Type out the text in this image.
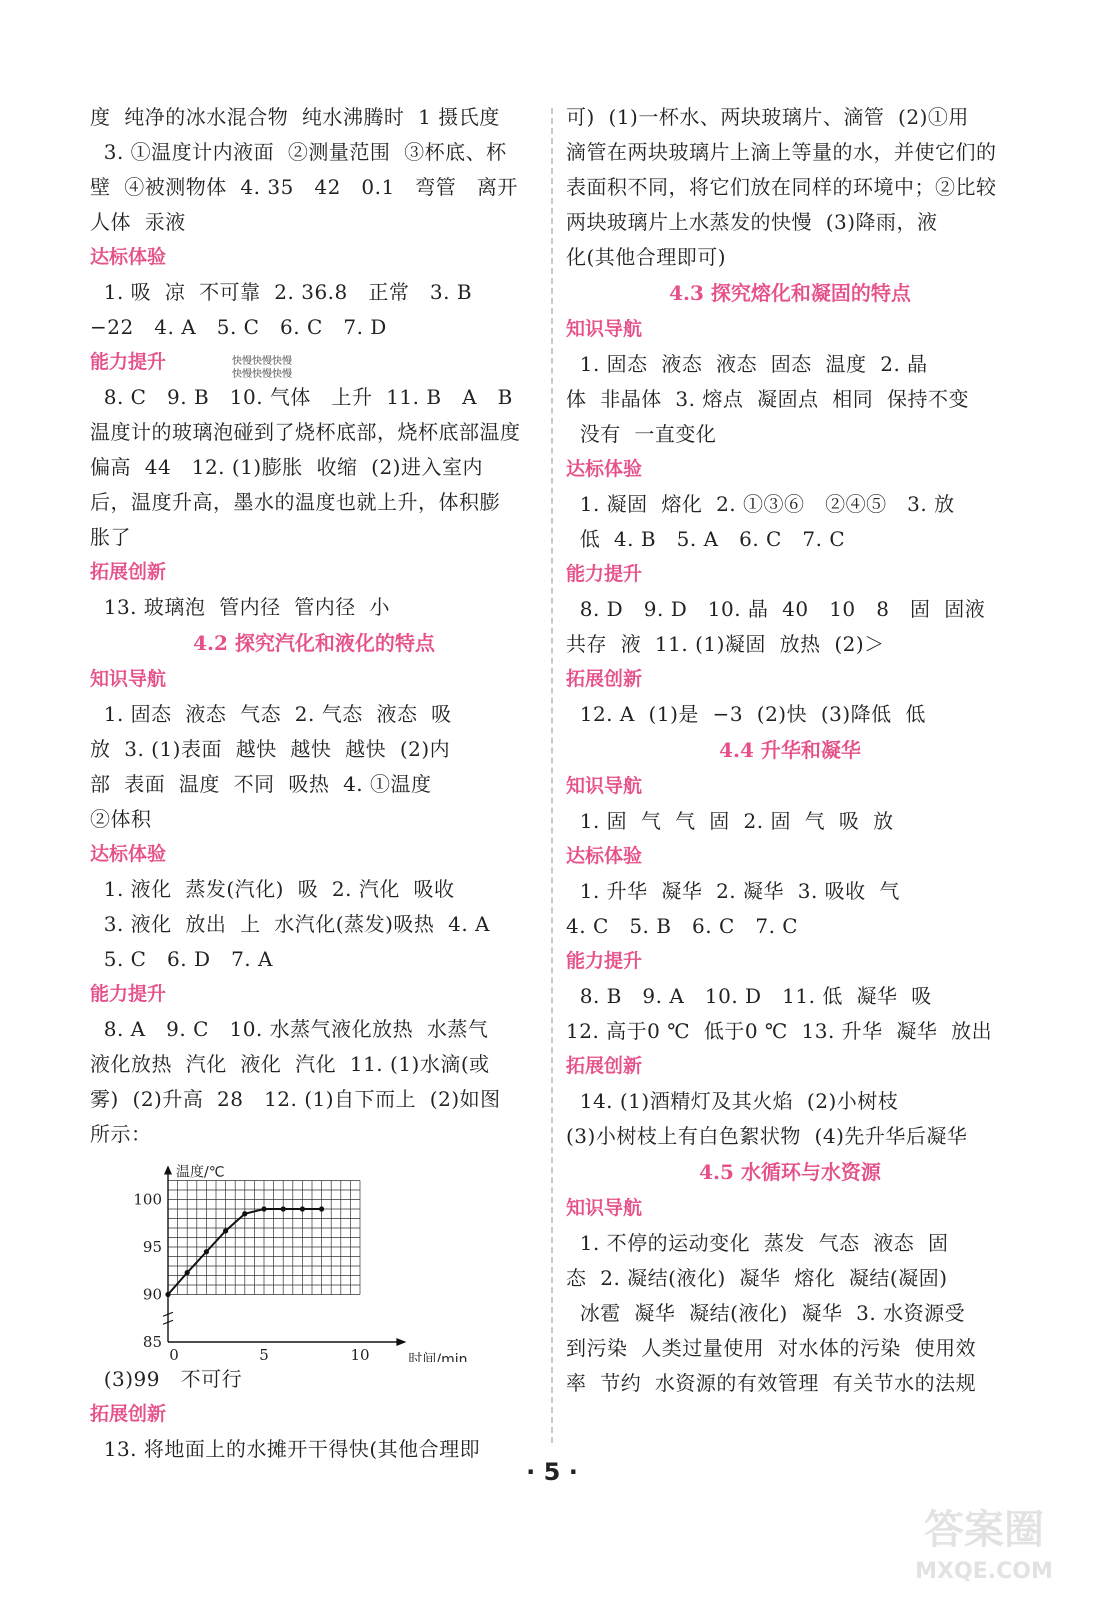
度  纯净的冰水混合物  纯水沸腾时  1 摄氏度
3. ①温度计内液面  ②测量范围  ③杯底、杯
壁  ④被测物体  4. 35   42   0.1   弯管   离开
人体  汞液
达标体验
1. 吸  凉  不可靠  2. 36.8   正常   3. B
−22   4. A   5. C   6. C   7. D
能力提升
8. C   9. B   10. 气体   上升  11. B   A   B
温度计的玻璃泡碰到了烧杯底部，烧杯底部温度
偏高  44   12. (1)膨胀  收缩  (2)进入室内
后，温度升高，墨水的温度也就上升，体积膨
胀了
拓展创新
13. 玻璃泡  管内径  管内径  小
4.2 探究汽化和液化的特点
知识导航
1. 固态  液态  气态  2. 气态  液态  吸
放  3. (1)表面  越快  越快  越快  (2)内
部  表面  温度  不同  吸热  4. ①温度
②体积
达标体验
1. 液化  蒸发(汽化)  吸  2. 汽化  吸收
3. 液化  放出  上  水汽化(蒸发)吸热  4. A
5. C   6. D   7. A
能力提升
8. A   9. C   10. 水蒸气液化放热  水蒸气
液化放热  汽化  液化  汽化  11. (1)水滴(或
雾)  (2)升高  28   12. (1)自下而上  (2)如图
所示：
85
90
95
100
0	5	10
温度/℃
时间/min
(3)99   不可行
拓展创新
13. 将地面上的水摊开干得快(其他合理即
快慢快慢快慢
快慢快慢快慢
可)  (1)一杯水、两块玻璃片、滴管  (2)①用
滴管在两块玻璃片上滴上等量的水，并使它们的
表面积不同，将它们放在同样的环境中；②比较
两块玻璃片上水蒸发的快慢  (3)降雨，液
化(其他合理即可)
4.3 探究熔化和凝固的特点
知识导航
1. 固态  液态  液态  固态  温度  2. 晶
体  非晶体  3. 熔点  凝固点  相同  保持不变
没有  一直变化
达标体验
1. 凝固  熔化  2. ①③⑥   ②④⑤   3. 放
低  4. B   5. A   6. C   7. C
能力提升
8. D   9. D   10. 晶  40   10   8   固  固液
共存  液  11. (1)凝固  放热  (2)＞
拓展创新
12. A  (1)是  −3  (2)快  (3)降低  低
4.4 升华和凝华
知识导航
1. 固  气  气  固  2. 固  气  吸  放
达标体验
1. 升华  凝华  2. 凝华  3. 吸收  气
4. C   5. B   6. C   7. C
能力提升
8. B   9. A   10. D   11. 低  凝华  吸
12. 高于0 ℃  低于0 ℃  13. 升华  凝华  放出
拓展创新
14. (1)酒精灯及其火焰  (2)小树枝
(3)小树枝上有白色絮状物  (4)先升华后凝华
4.5 水循环与水资源
知识导航
1. 不停的运动变化  蒸发  气态  液态  固
态  2. 凝结(液化)  凝华  熔化  凝结(凝固)
冰雹  凝华  凝结(液化)  凝华  3. 水资源受
到污染  人类过量使用  对水体的污染  使用效
率  节约  水资源的有效管理  有关节水的法规
· 5 ·
答案圈
MXQE.COM
